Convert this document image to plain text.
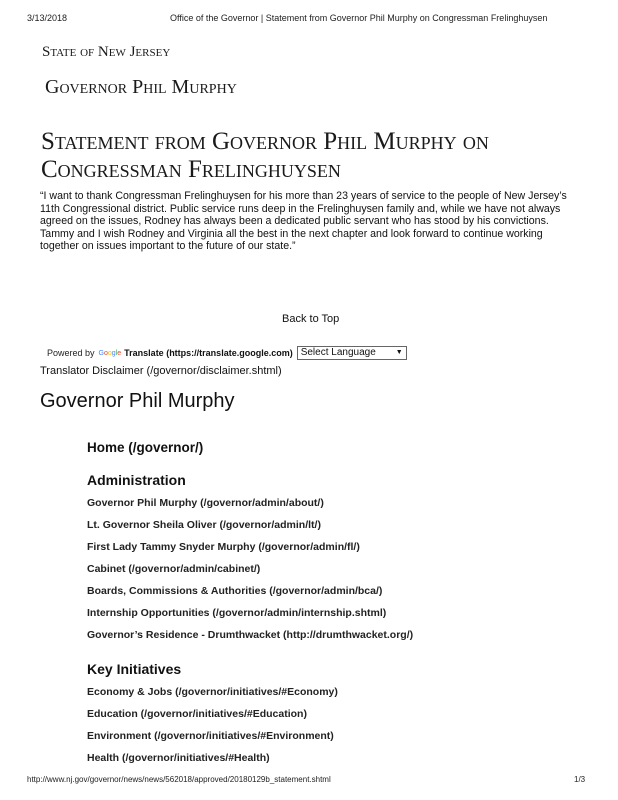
3/13/2018	Office of the Governor | Statement from Governor Phil Murphy on Congressman Frelinghuysen
State of New Jersey
Governor Phil Murphy
Statement from Governor Phil Murphy on
Congressman Frelinghuysen
“I want to thank Congressman Frelinghuysen for his more than 23 years of service to the people of New Jersey’s 11th Congressional district. Public service runs deep in the Frelinghuysen family and, while we have not always agreed on the issues, Rodney has always been a dedicated public servant who has stood by his convictions. Tammy and I wish Rodney and Virginia all the best in the next chapter and look forward to continue working together on issues important to the future of our state.”
Back to Top
Powered by Google Translate (https://translate.google.com) Select Language	▼
Translator Disclaimer (/governor/disclaimer.shtml)
Governor Phil Murphy
Home (/governor/)
Administration
Governor Phil Murphy (/governor/admin/about/)
Lt. Governor Sheila Oliver (/governor/admin/lt/)
First Lady Tammy Snyder Murphy (/governor/admin/fl/)
Cabinet (/governor/admin/cabinet/)
Boards, Commissions & Authorities (/governor/admin/bca/)
Internship Opportunities (/governor/admin/internship.shtml)
Governor’s Residence - Drumthwacket (http://drumthwacket.org/)
Key Initiatives
Economy & Jobs (/governor/initiatives/#Economy)
Education (/governor/initiatives/#Education)
Environment (/governor/initiatives/#Environment)
Health (/governor/initiatives/#Health)
http://www.nj.gov/governor/news/news/562018/approved/20180129b_statement.shtml	1/3
